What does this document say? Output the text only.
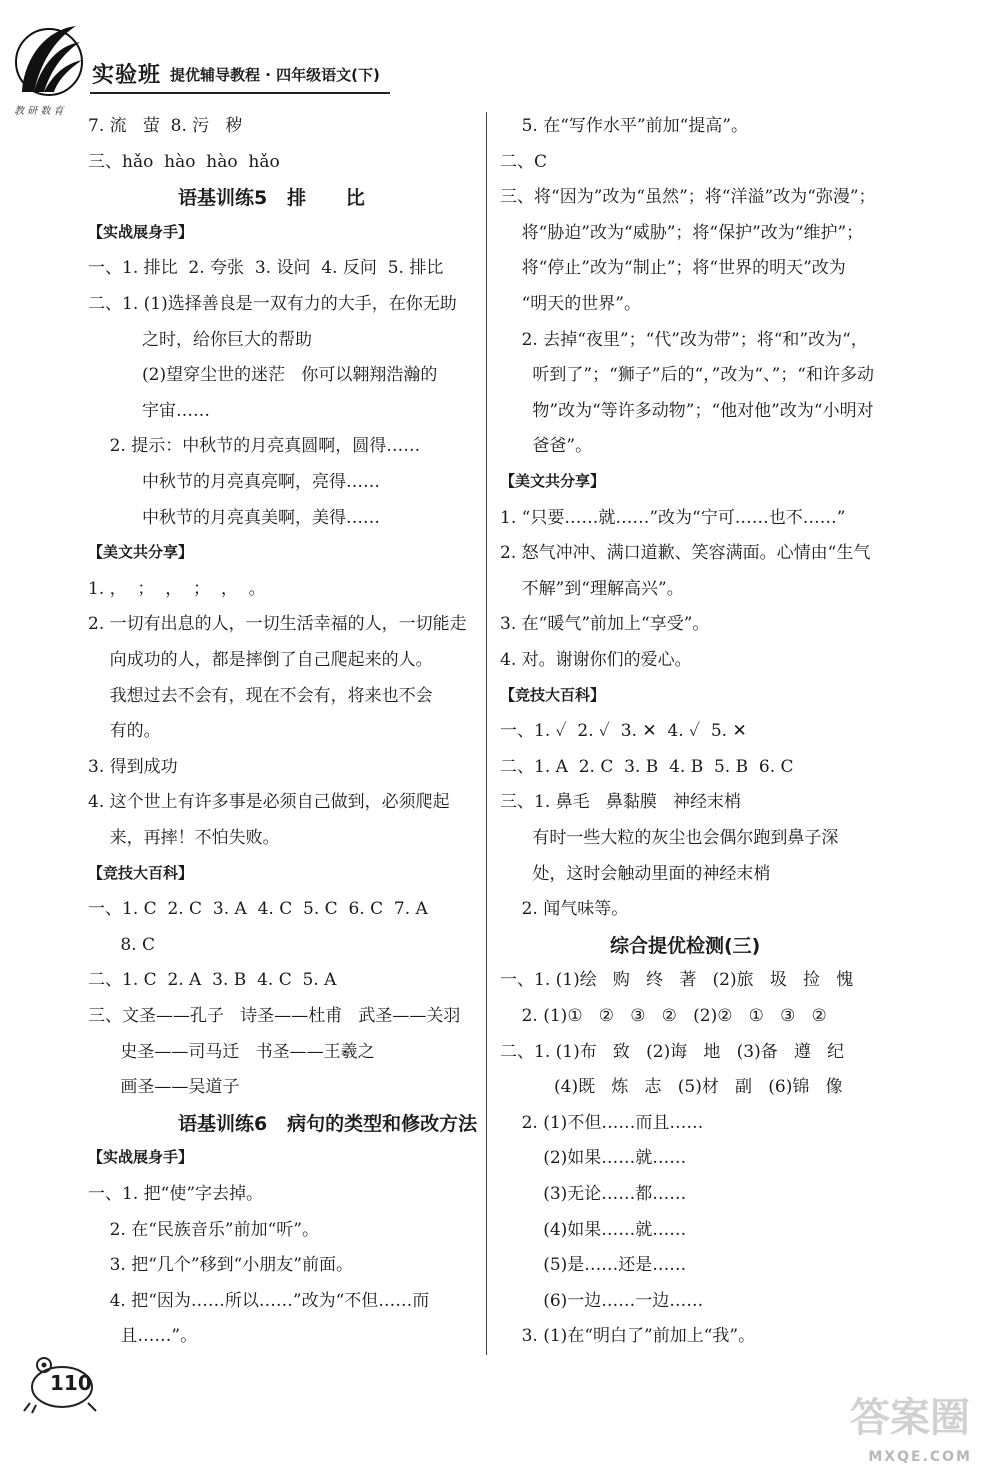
教 研 数 育
实验班 提优辅导教程 · 四年级语文(下)
7. 流   萤  8. 污   秽
三、hǎo  hào  hào  hǎo
语基训练5   排      比
【实战展身手】
一、1. 排比  2. 夸张  3. 设问  4. 反问  5. 排比
二、1. (1)选择善良是一双有力的大手，在你无助
之时，给你巨大的帮助
(2)望穿尘世的迷茫   你可以翱翔浩瀚的
宇宙……
2. 提示：中秋节的月亮真圆啊，圆得……
中秋节的月亮真亮啊，亮得……
中秋节的月亮真美啊，美得……
【美文共分享】
1. ，  ；  ，  ；  ，  。
2. 一切有出息的人，一切生活幸福的人，一切能走
向成功的人，都是摔倒了自己爬起来的人。
我想过去不会有，现在不会有，将来也不会
有的。
3. 得到成功
4. 这个世上有许多事是必须自己做到，必须爬起
来，再摔！不怕失败。
【竞技大百科】
一、1. C  2. C  3. A  4. C  5. C  6. C  7. A
8. C
二、1. C  2. A  3. B  4. C  5. A
三、文圣——孔子   诗圣——杜甫   武圣——关羽
史圣——司马迁   书圣——王羲之
画圣——吴道子
语基训练6   病句的类型和修改方法
【实战展身手】
一、1. 把“使”字去掉。
2. 在“民族音乐”前加“听”。
3. 把“几个”移到“小朋友”前面。
4. 把“因为……所以……”改为“不但……而
且……”。
5. 在“写作水平”前加“提高”。
二、C
三、将“因为”改为“虽然”；将“洋溢”改为“弥漫”；
将“胁迫”改为“威胁”；将“保护”改为“维护”；
将“停止”改为“制止”；将“世界的明天”改为
“明天的世界”。
2. 去掉“夜里”；“代”改为带”；将“和”改为“，
听到了”；“狮子”后的“，”改为“、”；“和许多动
物”改为“等许多动物”；“他对他”改为“小明对
爸爸”。
【美文共分享】
1. “只要……就……”改为“宁可……也不……”
2. 怒气冲冲、满口道歉、笑容满面。心情由“生气
不解”到“理解高兴”。
3. 在“暖气”前加上“享受”。
4. 对。谢谢你们的爱心。
【竞技大百科】
一、1. ✓  2. ✓  3. ✕  4. ✓  5. ✕
二、1. A  2. C  3. B  4. B  5. B  6. C
三、1. 鼻毛   鼻黏膜   神经末梢
有时一些大粒的灰尘也会偶尔跑到鼻子深
处，这时会触动里面的神经末梢
2. 闻气味等。
综合提优检测(三)
一、1. (1)绘   购   终   著   (2)旅   圾   捡   愧
2. (1)①   ②   ③   ②   (2)②   ①   ③   ②
二、1. (1)布   致   (2)诲   地   (3)备   遵   纪
(4)既   炼   志   (5)材   副   (6)锦   像
2. (1)不但……而且……
(2)如果……就……
(3)无论……都……
(4)如果……就……
(5)是……还是……
(6)一边……一边……
3. (1)在“明白了”前加上“我”。
110
答案圈
MXQE.COM
